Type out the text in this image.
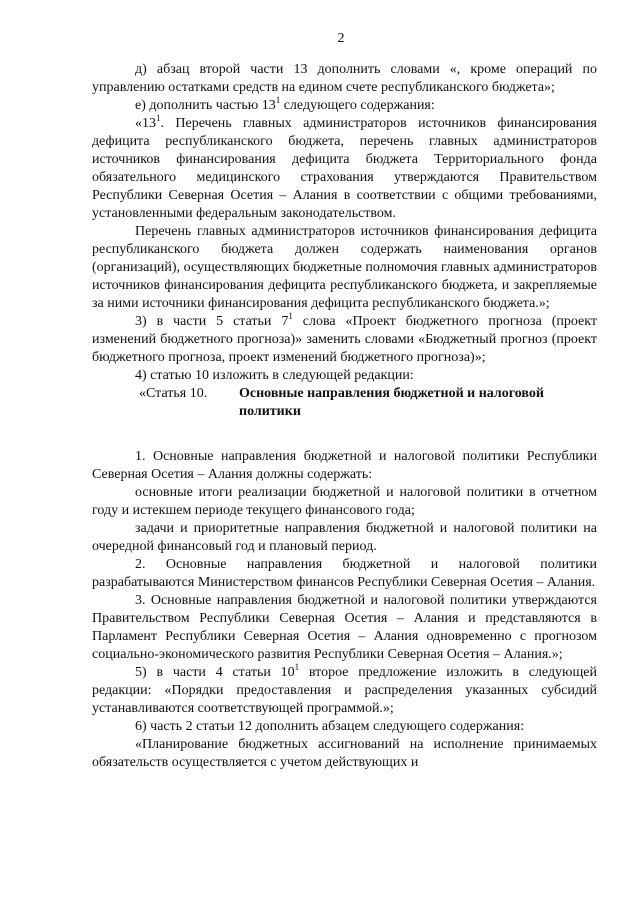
2

д) абзац второй части 13 дополнить словами «, кроме операций по управлению остатками средств на едином счете республиканского бюджета»;

е) дополнить частью $13^1$ следующего содержания:

«$13^1$. Перечень главных администраторов источников финансирования дефицита республиканского бюджета, перечень главных администраторов источников финансирования дефицита бюджета Территориального фонда обязательного медицинского страхования утверждаются Правительством Республики Северная Осетия – Алания в соответствии с общими требованиями, установленными федеральным законодательством.

Перечень главных администраторов источников финансирования дефицита республиканского бюджета должен содержать наименования органов (организаций), осуществляющих бюджетные полномочия главных администраторов источников финансирования дефицита республиканского бюджета, и закрепляемые за ними источники финансирования дефицита республиканского бюджета.»;

3) в части 5 статьи $7^1$ слова «Проект бюджетного прогноза (проект изменений бюджетного прогноза)» заменить словами «Бюджетный прогноз (проект бюджетного прогноза, проект изменений бюджетного прогноза)»;

4) статью 10 изложить в следующей редакции:

«Статья 10.	Основные направления бюджетной и налоговой политики

1. Основные направления бюджетной и налоговой политики Республики Северная Осетия – Алания должны содержать:

основные итоги реализации бюджетной и налоговой политики в отчетном году и истекшем периоде текущего финансового года;

задачи и приоритетные направления бюджетной и налоговой политики на очередной финансовый год и плановый период.

2. Основные направления бюджетной и налоговой политики разрабатываются Министерством финансов Республики Северная Осетия – Алания.

3. Основные направления бюджетной и налоговой политики утверждаются Правительством Республики Северная Осетия – Алания и представляются в Парламент Республики Северная Осетия – Алания одновременно с прогнозом социально-экономического развития Республики Северная Осетия – Алания.»;

5) в части 4 статьи $10^1$ второе предложение изложить в следующей редакции: «Порядки предоставления и распределения указанных субсидий устанавливаются соответствующей программой.»;

6) часть 2 статьи 12 дополнить абзацем следующего содержания:

«Планирование бюджетных ассигнований на исполнение принимаемых обязательств осуществляется с учетом действующих и
